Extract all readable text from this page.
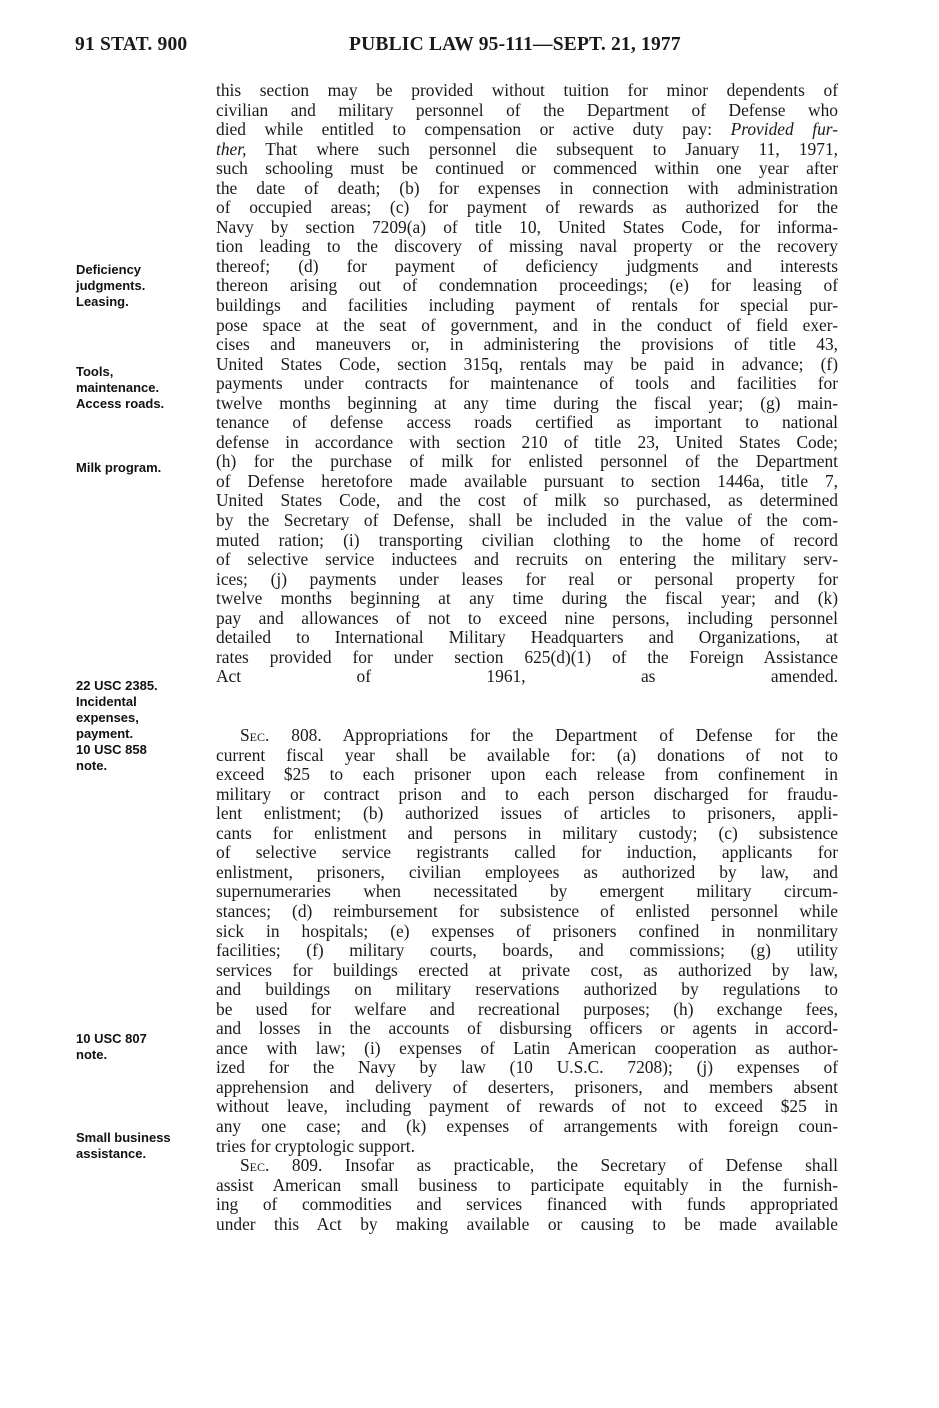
91 STAT. 900	PUBLIC LAW 95-111—SEPT. 21, 1977
this section may be provided without tuition for minor dependents of
civilian and military personnel of the Department of Defense who
died while entitled to compensation or active duty pay: Provided fur-
ther, That where such personnel die subsequent to January 11, 1971,
such schooling must be continued or commenced within one year after
the date of death; (b) for expenses in connection with administration
of occupied areas; (c) for payment of rewards as authorized for the
Navy by section 7209(a) of title 10, United States Code, for informa-
tion leading to the discovery of missing naval property or the recovery
thereof; (d) for payment of deficiency judgments and interests
thereon arising out of condemnation proceedings; (e) for leasing of
buildings and facilities including payment of rentals for special pur-
pose space at the seat of government, and in the conduct of field exer-
cises and maneuvers or, in administering the provisions of title 43,
United States Code, section 315q, rentals may be paid in advance; (f)
payments under contracts for maintenance of tools and facilities for
twelve months beginning at any time during the fiscal year; (g) main-
tenance of defense access roads certified as important to national
defense in accordance with section 210 of title 23, United States Code;
(h) for the purchase of milk for enlisted personnel of the Department
of Defense heretofore made available pursuant to section 1446a, title 7,
United States Code, and the cost of milk so purchased, as determined
by the Secretary of Defense, shall be included in the value of the com-
muted ration; (i) transporting civilian clothing to the home of record
of selective service inductees and recruits on entering the military serv-
ices; (j) payments under leases for real or personal property for
twelve months beginning at any time during the fiscal year; and (k)
pay and allowances of not to exceed nine persons, including personnel
detailed to International Military Headquarters and Organizations, at
rates provided for under section 625(d)(1) of the Foreign Assistance
Act of 1961, as amended.
Sec. 808. Appropriations for the Department of Defense for the
current fiscal year shall be available for: (a) donations of not to
exceed $25 to each prisoner upon each release from confinement in
military or contract prison and to each person discharged for fraudu-
lent enlistment; (b) authorized issues of articles to prisoners, appli-
cants for enlistment and persons in military custody; (c) subsistence
of selective service registrants called for induction, applicants for
enlistment, prisoners, civilian employees as authorized by law, and
supernumeraries when necessitated by emergent military circum-
stances; (d) reimbursement for subsistence of enlisted personnel while
sick in hospitals; (e) expenses of prisoners confined in nonmilitary
facilities; (f) military courts, boards, and commissions; (g) utility
services for buildings erected at private cost, as authorized by law,
and buildings on military reservations authorized by regulations to
be used for welfare and recreational purposes; (h) exchange fees,
and losses in the accounts of disbursing officers or agents in accord-
ance with law; (i) expenses of Latin American cooperation as author-
ized for the Navy by law (10 U.S.C. 7208); (j) expenses of
apprehension and delivery of deserters, prisoners, and members absent
without leave, including payment of rewards of not to exceed $25 in
any one case; and (k) expenses of arrangements with foreign coun-
tries for cryptologic support.
Sec. 809. Insofar as practicable, the Secretary of Defense shall
assist American small business to participate equitably in the furnish-
ing of commodities and services financed with funds appropriated
under this Act by making available or causing to be made available
Deficiency
judgments.
Leasing.
Tools,
maintenance.
Access roads.
Milk program.
22 USC 2385.
Incidental
expenses,
payment.
10 USC 858
note.
10 USC 807
note.
Small business
assistance.
